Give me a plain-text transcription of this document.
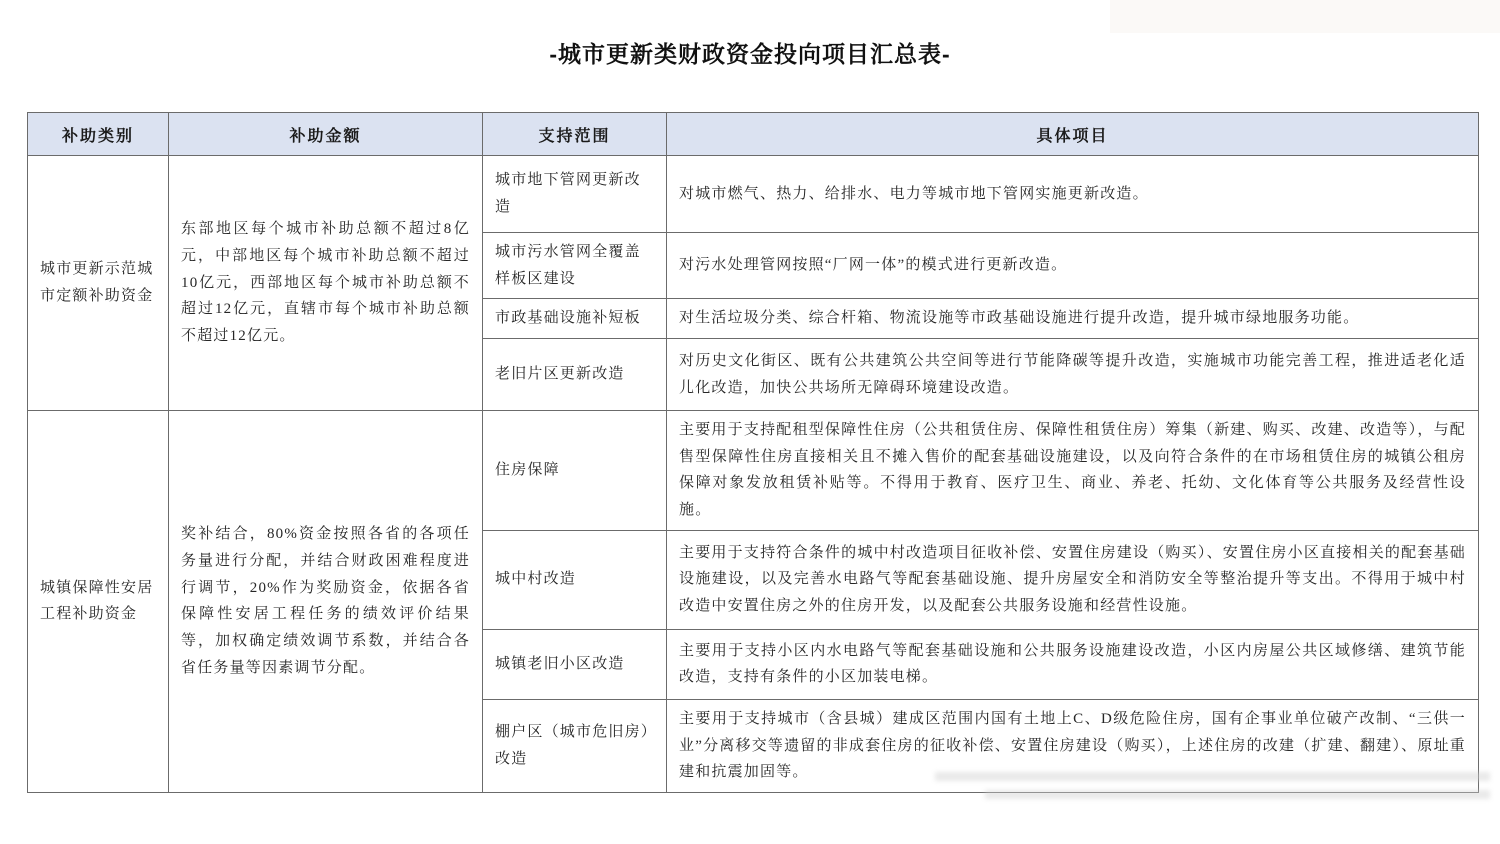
-城市更新类财政资金投向项目汇总表-
补助类别	补助金额	支持范围	具体项目
城市更新示范城市定额补助资金	东部地区每个城市补助总额不超过8亿元，中部地区每个城市补助总额不超过10亿元，西部地区每个城市补助总额不超过12亿元，直辖市每个城市补助总额不超过12亿元。	城市地下管网更新改造	对城市燃气、热力、给排水、电力等城市地下管网实施更新改造。
		城市污水管网全覆盖样板区建设	对污水处理管网按照“厂网一体”的模式进行更新改造。
		市政基础设施补短板	对生活垃圾分类、综合杆箱、物流设施等市政基础设施进行提升改造，提升城市绿地服务功能。
		老旧片区更新改造	对历史文化街区、既有公共建筑公共空间等进行节能降碳等提升改造，实施城市功能完善工程，推进适老化适儿化改造，加快公共场所无障碍环境建设改造。
城镇保障性安居工程补助资金	奖补结合，80%资金按照各省的各项任务量进行分配，并结合财政困难程度进行调节，20%作为奖励资金，依据各省保障性安居工程任务的绩效评价结果等，加权确定绩效调节系数，并结合各省任务量等因素调节分配。	住房保障	主要用于支持配租型保障性住房（公共租赁住房、保障性租赁住房）筹集（新建、购买、改建、改造等），与配售型保障性住房直接相关且不摊入售价的配套基础设施建设，以及向符合条件的在市场租赁住房的城镇公租房保障对象发放租赁补贴等。不得用于教育、医疗卫生、商业、养老、托幼、文化体育等公共服务及经营性设施。
		城中村改造	主要用于支持符合条件的城中村改造项目征收补偿、安置住房建设（购买）、安置住房小区直接相关的配套基础设施建设，以及完善水电路气等配套基础设施、提升房屋安全和消防安全等整治提升等支出。不得用于城中村改造中安置住房之外的住房开发，以及配套公共服务设施和经营性设施。
		城镇老旧小区改造	主要用于支持小区内水电路气等配套基础设施和公共服务设施建设改造，小区内房屋公共区域修缮、建筑节能改造，支持有条件的小区加装电梯。
		棚户区（城市危旧房）改造	主要用于支持城市（含县城）建成区范围内国有土地上C、D级危险住房，国有企事业单位破产改制、“三供一业”分离移交等遗留的非成套住房的征收补偿、安置住房建设（购买），上述住房的改建（扩建、翻建）、原址重建和抗震加固等。
